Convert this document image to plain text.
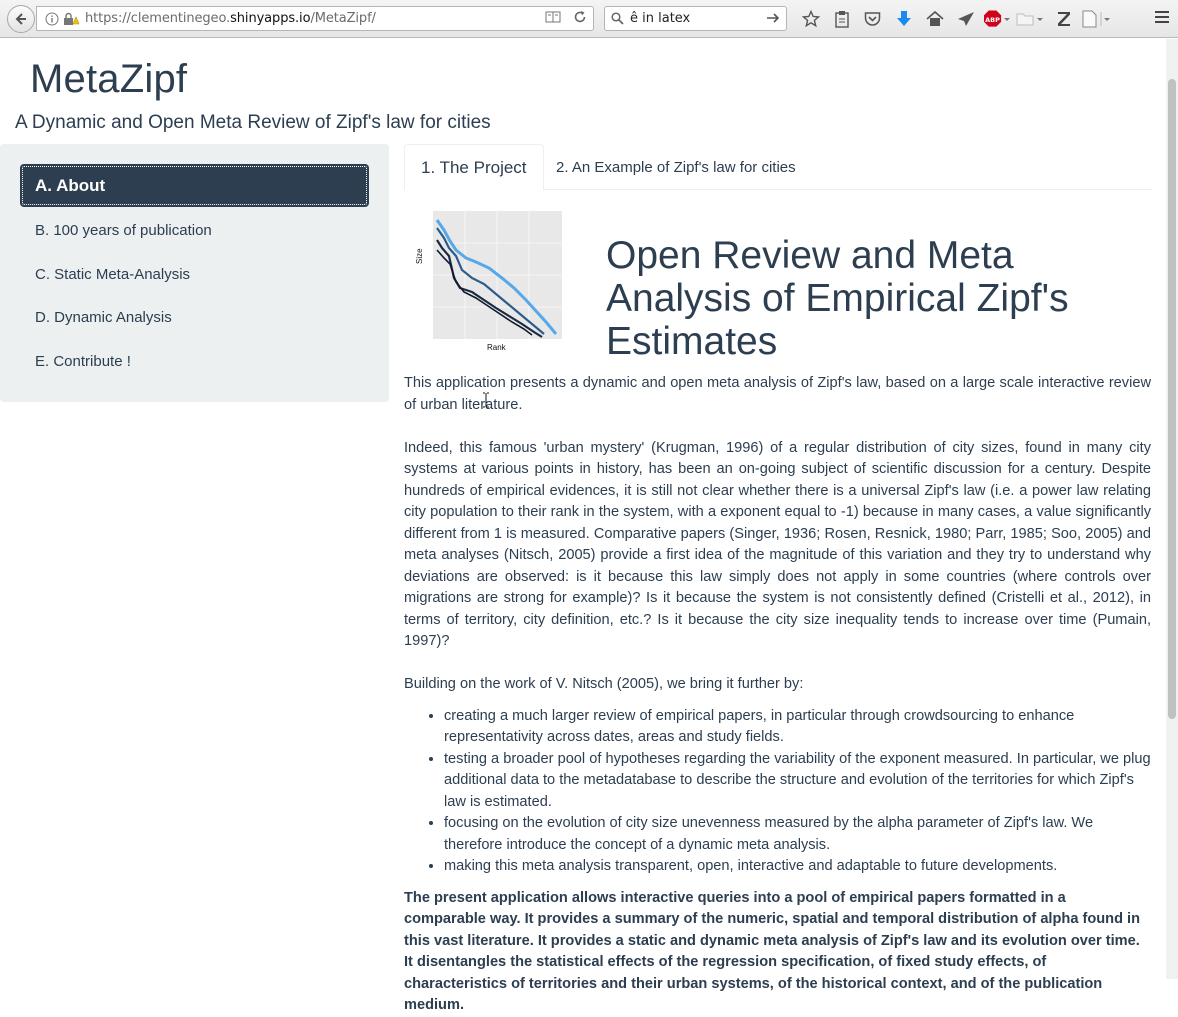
https://clementinegeo.shinyapps.io/MetaZipf/	ê in latex	ABP
MetaZipf
A Dynamic and Open Meta Review of Zipf's law for cities
A. About
B. 100 years of publication
C. Static Meta-Analysis
D. Dynamic Analysis
E. Contribute !
1. The Project	2. An Example of Zipf's law for cities
Size
Rank
Open Review and Meta Analysis of Empirical Zipf's Estimates

This application presents a dynamic and open meta analysis of Zipf's law, based on a large scale interactive review of urban literature.

Indeed, this famous 'urban mystery' (Krugman, 1996) of a regular distribution of city sizes, found in many city systems at various points in history, has been an on-going subject of scientific discussion for a century. Despite hundreds of empirical evidences, it is still not clear whether there is a universal Zipf's law (i.e. a power law relating city population to their rank in the system, with a exponent equal to -1) because in many cases, a value significantly different from 1 is measured. Comparative papers (Singer, 1936; Rosen, Resnick, 1980; Parr, 1985; Soo, 2005) and meta analyses (Nitsch, 2005) provide a first idea of the magnitude of this variation and they try to understand why deviations are observed: is it because this law simply does not apply in some countries (where controls over migrations are strong for example)? Is it because the system is not consistently defined (Cristelli et al., 2012), in terms of territory, city definition, etc.? Is it because the city size inequality tends to increase over time (Pumain, 1997)?

Building on the work of V. Nitsch (2005), we bring it further by:

• creating a much larger review of empirical papers, in particular through crowdsourcing to enhance representativity across dates, areas and study fields.
• testing a broader pool of hypotheses regarding the variability of the exponent measured. In particular, we plug additional data to the metadatabase to describe the structure and evolution of the territories for which Zipf's law is estimated.
• focusing on the evolution of city size unevenness measured by the alpha parameter of Zipf's law. We therefore introduce the concept of a dynamic meta analysis.
• making this meta analysis transparent, open, interactive and adaptable to future developments.

The present application allows interactive queries into a pool of empirical papers formatted in a comparable way. It provides a summary of the numeric, spatial and temporal distribution of alpha found in this vast literature. It provides a static and dynamic meta analysis of Zipf's law and its evolution over time. It disentangles the statistical effects of the regression specification, of fixed study effects, of characteristics of territories and their urban systems, of the historical context, and of the publication medium.
